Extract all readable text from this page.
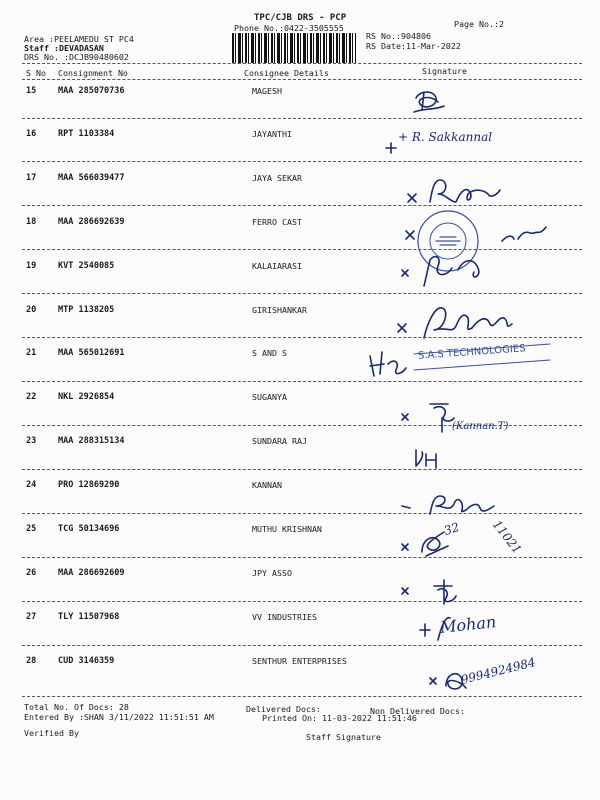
TPC/CJB DRS - PCP
Phone No.:0422-3505555	Page No.:2
Area :PEELAMEDU ST PC4
Staff :DEVADASAN
DRS No. :DCJB90480602
RS No.:904806
RS Date:11-Mar-2022
S No Consignment No	Consignee Details	Signature
15	MAA 285070736	MAGESH
16	RPT 1103384	JAYANTHI
17	MAA 566039477	JAYA SEKAR
18	MAA 286692639	FERRO CAST
19	KVT 2540085	KALAIARASI
20	MTP 1138205	GIRISHANKAR
21	MAA 565012691	S AND S
22	NKL 2926854	SUGANYA
23	MAA 288315134	SUNDARA RAJ
24	PRO 12869290	KANNAN
25	TCG 50134696	MUTHU KRISHNAN
26	MAA 286692609	JPY ASSO
27	TLY 11507968	VV INDUSTRIES
28	CUD 3146359	SENTHUR ENTERPRISES
+ R. Sakkannal
S.A.S TECHNOLOGIES
(Kannan.T)
32 11021
Mohan
9994924984
Total No. Of Docs: 28	Delivered Docs:	Non Delivered Docs:
Entered By :SHAN 3/11/2022 11:51:51 AM	Printed On: 11-03-2022 11:51:46
Verified By	Staff Signature
